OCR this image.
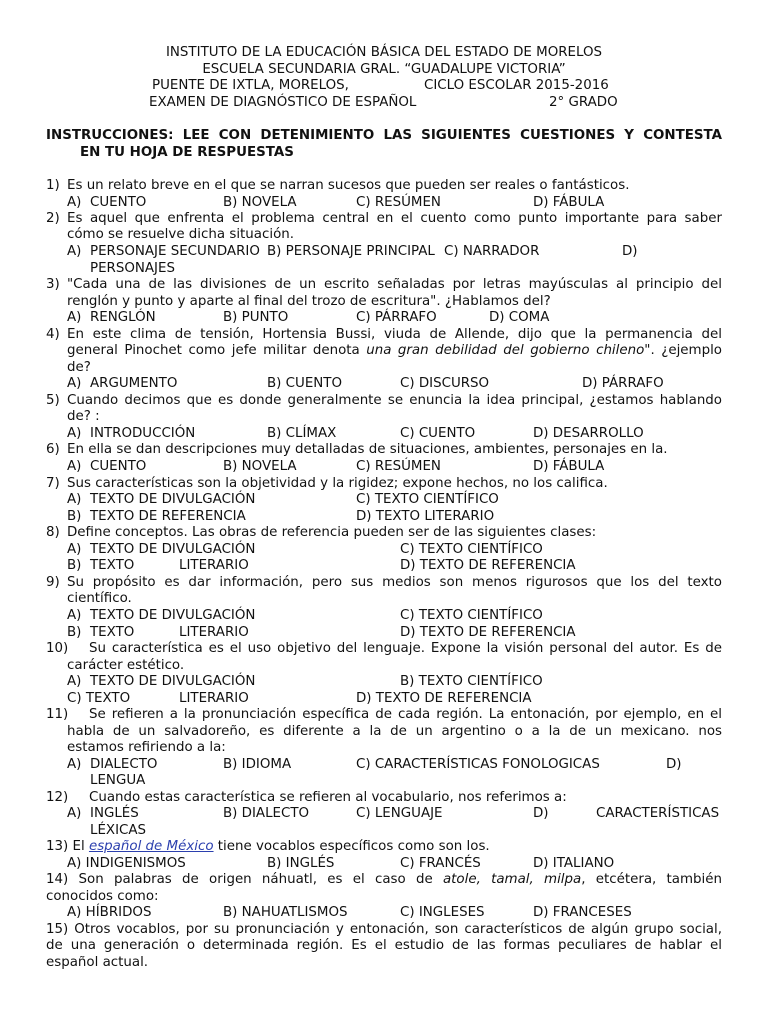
INSTITUTO DE LA EDUCACIÓN BÁSICA DEL ESTADO DE MORELOS
ESCUELA SECUNDARIA GRAL. “GUADALUPE VICTORIA”
PUENTE DE IXTLA, MORELOS,	CICLO ESCOLAR 2015-2016
EXAMEN DE DIAGNÓSTICO DE ESPAÑOL	2° GRADO
INSTRUCCIONES: LEE CON DETENIMIENTO LAS SIGUIENTES CUESTIONES Y CONTESTA
EN TU HOJA DE RESPUESTAS
1) Es un relato breve en el que se narran sucesos que pueden ser reales o fantásticos.
A) CUENTO	B) NOVELA	C) RESÚMEN	D) FÁBULA
2) Es aquel que enfrenta el problema central en el cuento como punto importante para saber
cómo se resuelve dicha situación.
A) PERSONAJE SECUNDARIO B) PERSONAJE PRINCIPAL C) NARRADOR	D)
PERSONAJES
3) "Cada una de las divisiones de un escrito señaladas por letras mayúsculas al principio del
renglón y punto y aparte al final del trozo de escritura". ¿Hablamos del?
A) RENGLÓN	B) PUNTO	C) PÁRRAFO	D) COMA
4) En este clima de tensión, Hortensia Bussi, viuda de Allende, dijo que la permanencia del
general Pinochet como jefe militar denota una gran debilidad del gobierno chileno". ¿ejemplo
de?
A) ARGUMENTO	B) CUENTO	C) DISCURSO	D) PÁRRAFO
5) Cuando decimos que es donde generalmente se enuncia la idea principal, ¿estamos hablando
de? :
A) INTRODUCCIÓN	B) CLÍMAX	C) CUENTO	D) DESARROLLO
6) En ella se dan descripciones muy detalladas de situaciones, ambientes, personajes en la.
A) CUENTO	B) NOVELA	C) RESÚMEN	D) FÁBULA
7) Sus características son la objetividad y la rigidez; expone hechos, no los califica.
A) TEXTO DE DIVULGACIÓN	C) TEXTO CIENTÍFICO
B) TEXTO DE REFERENCIA	D) TEXTO LITERARIO
8) Define conceptos. Las obras de referencia pueden ser de las siguientes clases:
A) TEXTO DE DIVULGACIÓN	C) TEXTO CIENTÍFICO
B) TEXTO	LITERARIO	D) TEXTO DE REFERENCIA
9) Su propósito es dar información, pero sus medios son menos rigurosos que los del texto
científico.
A) TEXTO DE DIVULGACIÓN	C) TEXTO CIENTÍFICO
B) TEXTO	LITERARIO	D) TEXTO DE REFERENCIA
10) Su característica es el uso objetivo del lenguaje. Expone la visión personal del autor. Es de
carácter estético.
A) TEXTO DE DIVULGACIÓN	B) TEXTO CIENTÍFICO
C) TEXTO	LITERARIO	D) TEXTO DE REFERENCIA
11) Se refieren a la pronunciación específica de cada región. La entonación, por ejemplo, en el
habla de un salvadoreño, es diferente a la de un argentino o a la de un mexicano. nos
estamos refiriendo a la:
A) DIALECTO	B) IDIOMA	C) CARACTERÍSTICAS FONOLOGICAS	D)
LENGUA
12) Cuando estas característica se refieren al vocabulario, nos referimos a:
A) INGLÉS	B) DIALECTO	C) LENGUAJE	D)	CARACTERÍSTICAS
LÉXICAS
13) El español de México tiene vocablos específicos como son los.
A) INDIGENISMOS	B) INGLÉS	C) FRANCÉS	D) ITALIANO
14) Son palabras de origen náhuatl, es el caso de atole, tamal, milpa, etcétera, también
conocidos como:
A) HÍBRIDOS	B) NAHUATLISMOS	C) INGLESES	D) FRANCESES
15) Otros vocablos, por su pronunciación y entonación, son característicos de algún grupo social,
de una generación o determinada región. Es el estudio de las formas peculiares de hablar el
español actual.
